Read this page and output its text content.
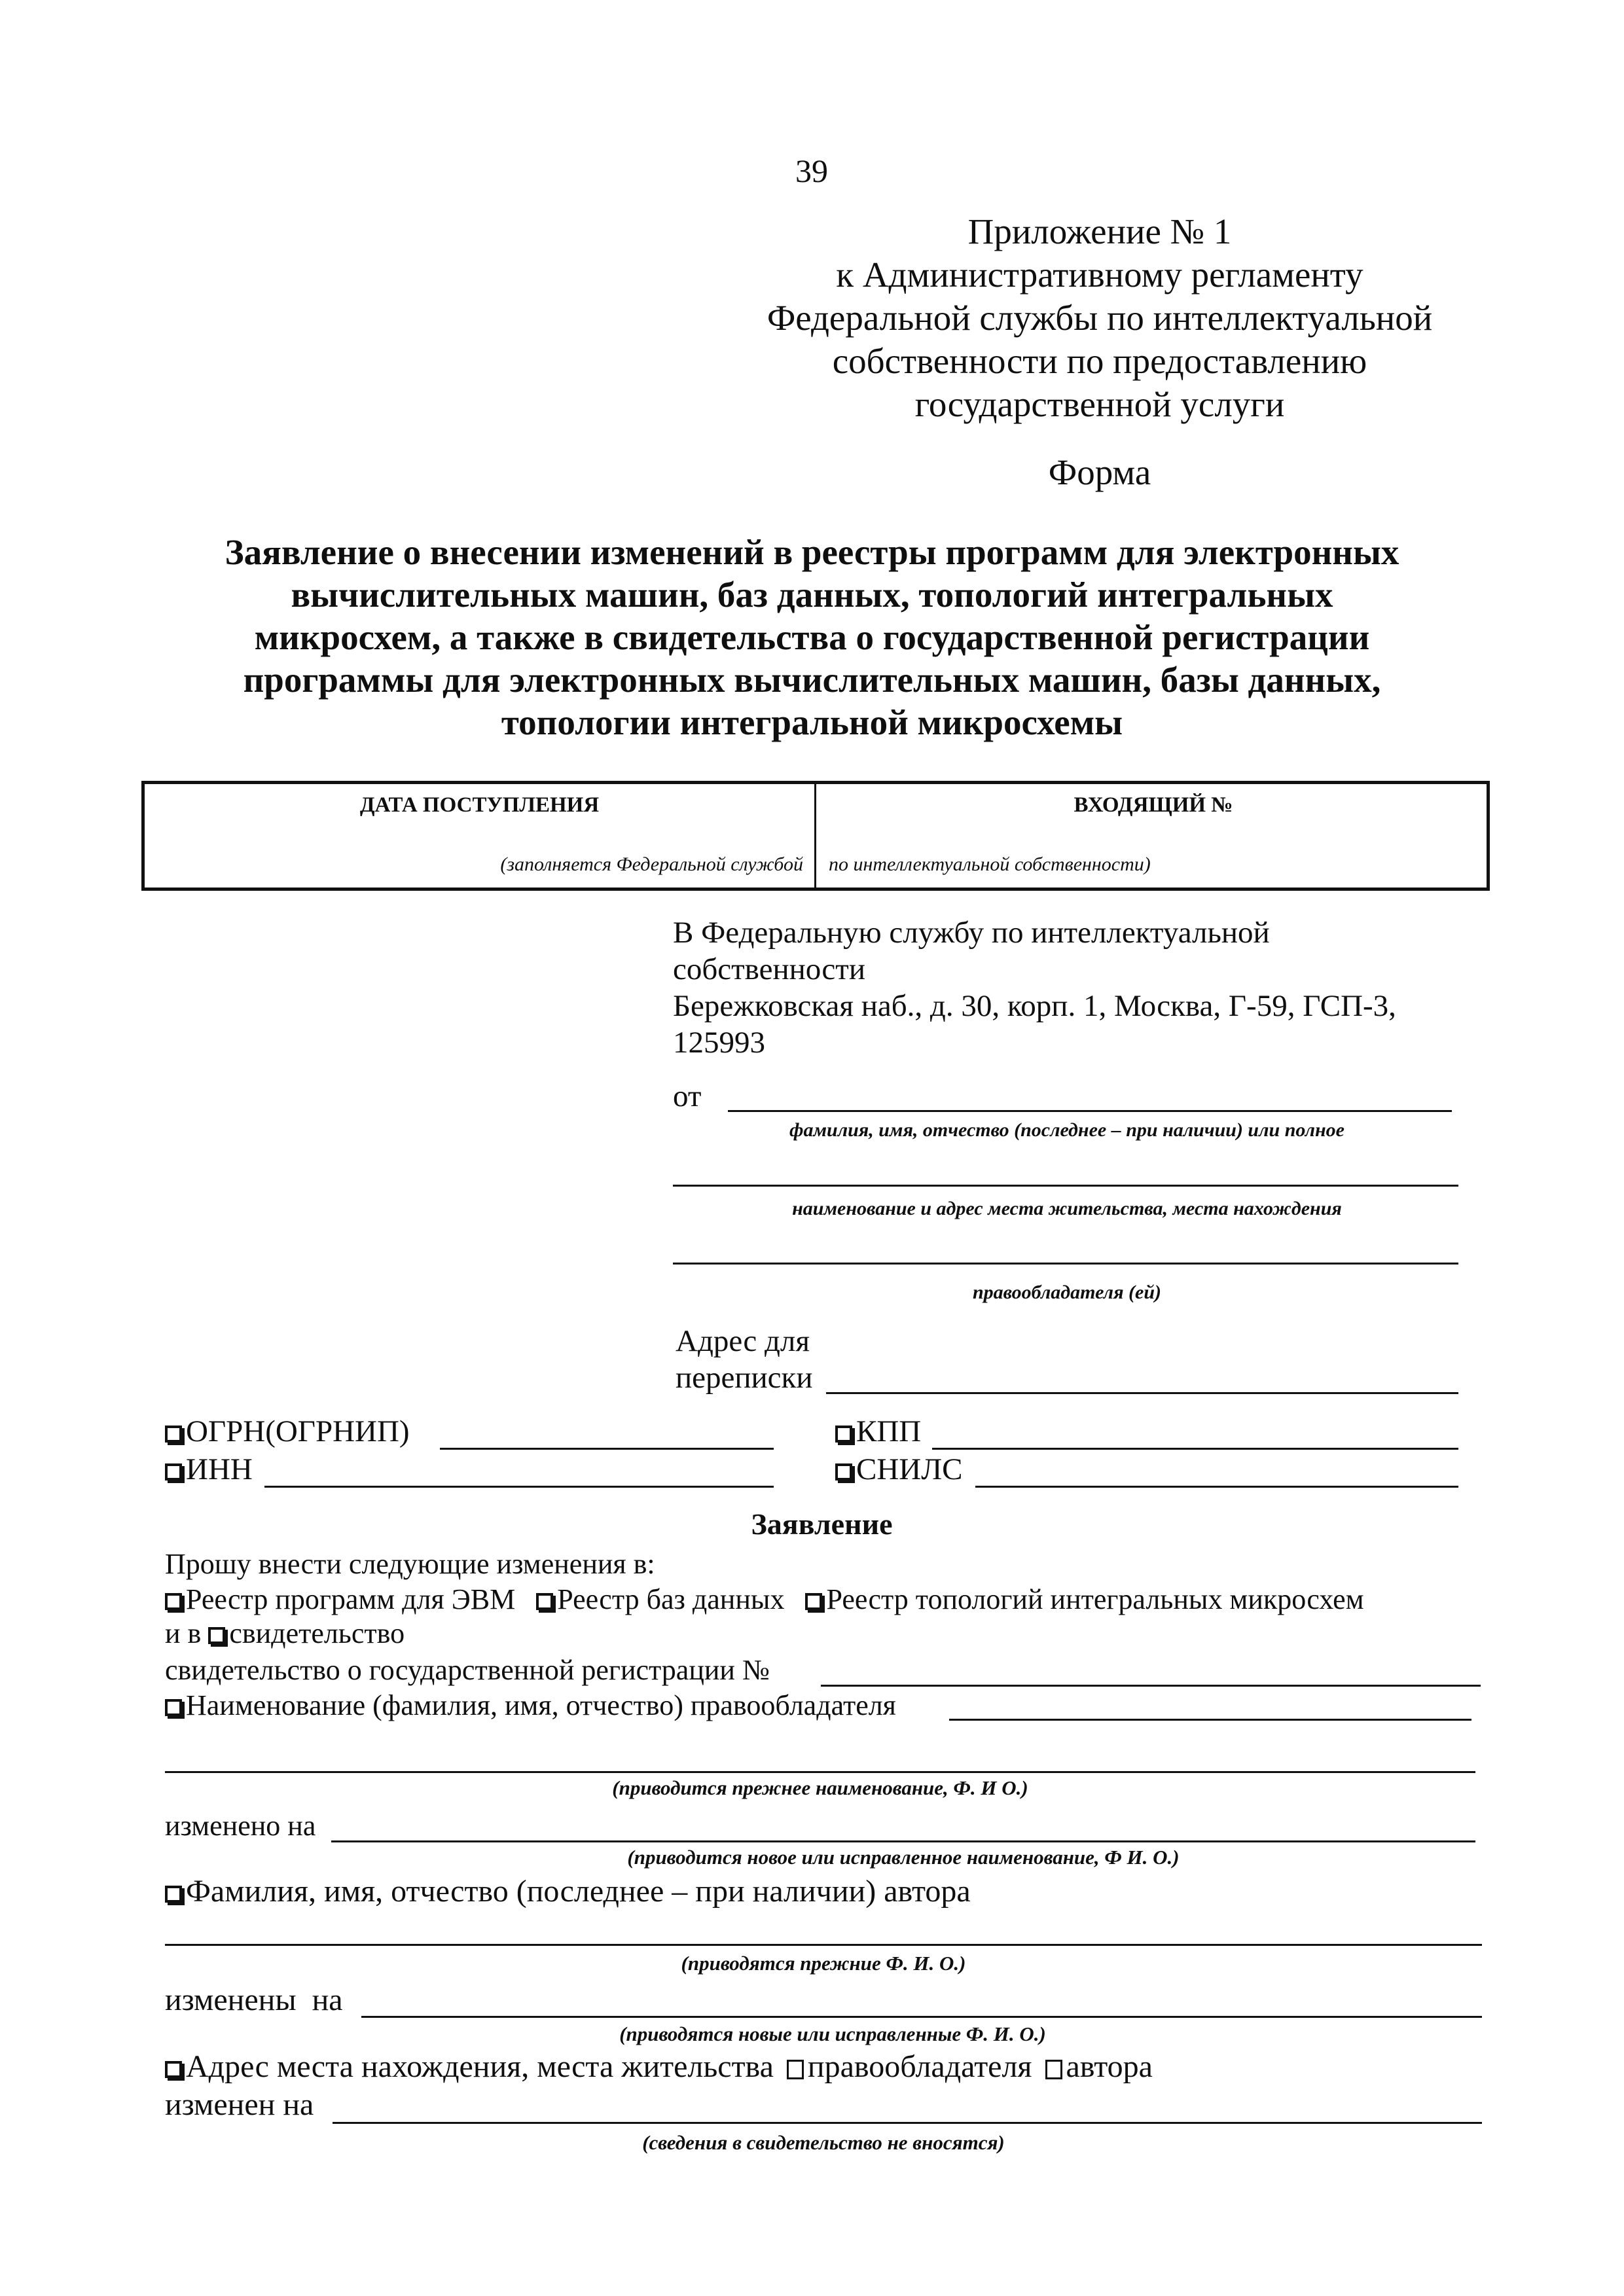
39
Приложение № 1
к Административному регламенту
Федеральной службы по интеллектуальной
собственности по предоставлению
государственной услуги
Форма
Заявление о внесении изменений в реестры программ для электронных
вычислительных машин, баз данных, топологий интегральных
микросхем, а также в свидетельства о государственной регистрации
программы для электронных вычислительных машин, базы данных,
топологии интегральной микросхемы
ДАТА ПОСТУПЛЕНИЯ	ВХОДЯЩИЙ №
(заполняется Федеральной службой по интеллектуальной собственности)
В Федеральную службу по интеллектуальной
собственности
Бережковская наб., д. 30, корп. 1, Москва, Г-59, ГСП-3,
125993
от
фамилия, имя, отчество (последнее – при наличии) или полное
наименование и адрес места жительства, места нахождения
правообладателя (ей)
Адрес для
переписки
ОГРН(ОГРНИП)	КПП
ИНН	СНИЛС
Заявление
Прошу внести следующие изменения в:
Реестр программ для ЭВМ Реестр баз данных Реестр топологий интегральных микросхем
и в свидетельство
свидетельство о государственной регистрации №
Наименование (фамилия, имя, отчество) правообладателя
(приводится прежнее наименование, Ф. И О.)
изменено на
(приводится новое или исправленное наименование, Ф И. О.)
Фамилия, имя, отчество (последнее – при наличии) автора
(приводятся прежние Ф. И. О.)
изменены  на
(приводятся новые или исправленные Ф. И. О.)
Адрес места нахождения, места жительства правообладателя автора
изменен на
(сведения в свидетельство не вносятся)
